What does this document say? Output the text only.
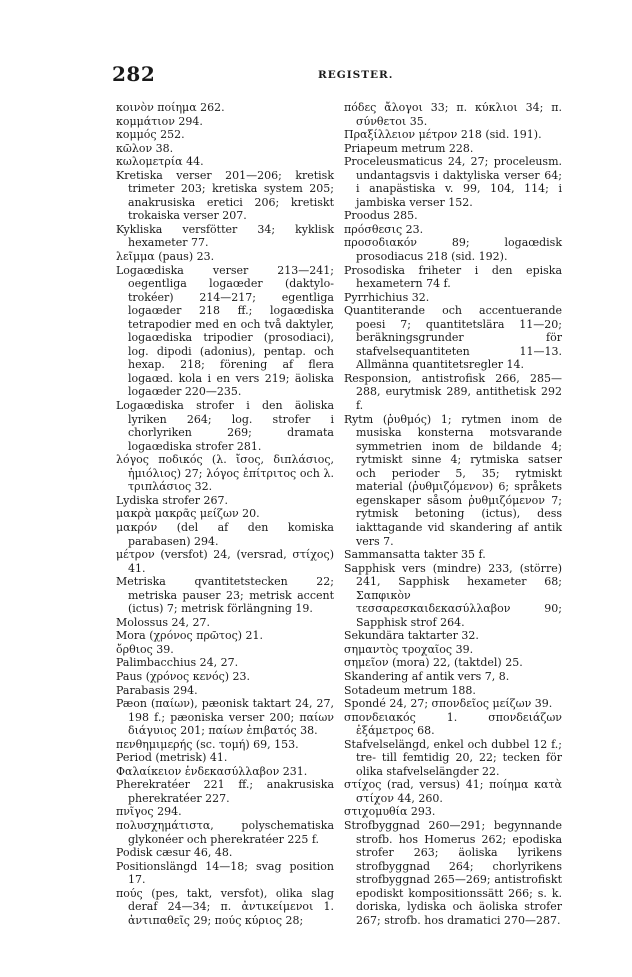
282	REGISTER.

κοινὸν ποίημα 262.

κομμάτιον 294.

κομμός 252.

κῶλον 38.

κωλομετρία 44.

Kretiska verser 201—206; kretisk trimeter 203; kretiska system 205; anakrusiska eretici 206; kretiskt trokaiska verser 207.

Kykliska versfötter 34; kyklisk hexameter 77.

λεῖμμα (paus) 23.

Logaœdiska verser 213—241; oegentliga logaœder (daktylo-trokéer) 214—217; egentliga logaœder 218 ff.; logaœdiska tetrapodier med en och två daktyler, logaœdiska tripodier (prosodiaci), log. dipodi (adonius), pentap. och hexap. 218; förening af flera logaœd. kola i en vers 219; äoliska logaœder 220—235.

Logaœdiska strofer i den äoliska lyriken 264; log. strofer i chorlyriken 269; dramata logaœdiska strofer 281.

λόγος ποδικός (λ. ἴσος, διπλάσιος, ἡμιόλιος) 27; λόγος ἐπίτριτος och λ. τριπλάσιος 32.

Lydiska strofer 267.

μακρὰ μακρᾶς μείζων 20.

μακρόν (del af den komiska parabasen) 294.

μέτρον (versfot) 24, (versrad, στίχος) 41.

Metriska qvantitetstecken 22; metriska pauser 23; metrisk accent (ictus) 7; metrisk förlängning 19.

Molossus 24, 27.

Mora (χρόνος πρῶτος) 21.

ὄρθιος 39.

Palimbacchius 24, 27.

Paus (χρόνος κενός) 23.

Parabasis 294.

Pæon (παίων), pæonisk taktart 24, 27, 198 f.; pæoniska verser 200; παίων διάγυιος 201; παίων ἐπιβατός 38.

πενθημιμερής (sc. τομή) 69, 153.

Period (metrisk) 41.

Φαλαίκειον ἑνδεκασύλλαβον 231.

Pherekratéer 221 ff.; anakrusiska pherekratéer 227.

πνῖγος 294.

πολυσχημάτιστα, polyschematiska glykonéer och pherekratéer 225 f.

Podisk cæsur 46, 48.

Positionslängd 14—18; svag position 17.

πούς (pes, takt, versfot), olika slag deraf 24—34; π. ἀντικείμενοι 1. ἀντιπαθεῖς 29; πούς κύριος 28;

πόδες ἄλογοι 33; π. κύκλιοι 34; π. σύνθετοι 35.

Πραξίλλειον μέτρον 218 (sid. 191).

Priapeum metrum 228.

Proceleusmaticus 24, 27; proceleusm. undantagsvis i daktyliska verser 64; i anapästiska v. 99, 104, 114; i jambiska verser 152.

Proodus 285.

πρόσθεσις 23.

προσοδιακόν 89; logaœdisk prosodiacus 218 (sid. 192).

Prosodiska friheter i den episka hexametern 74 f.

Pyrrhichius 32.

Quantiterande och accentuerande poesi 7; quantitetslära 11—20; beräkningsgrunder för stafvelsequantiteten 11—13. Allmänna quantitetsregler 14.

Responsion, antistrofisk 266, 285—288, eurytmisk 289, antithetisk 292 f.

Rytm (ῥυθμός) 1; rytmen inom de musiska konsterna motsvarande symmetrien inom de bildande 4; rytmiskt sinne 4; rytmiska satser och perioder 5, 35; rytmiskt material (ῥυθμιζόμενον) 6; språkets egenskaper såsom ῥυθμιζόμενον 7; rytmisk betoning (ictus), dess iakttagande vid skandering af antik vers 7.

Sammansatta takter 35 f.

Sapphisk vers (mindre) 233, (större) 241, Sapphisk hexameter 68; Σαπφικὸν τεσσαρεσκαιδεκασύλλαβον 90; Sapphisk strof 264.

Sekundära taktarter 32.

σημαντὸς τροχαῖος 39.

σημεῖον (mora) 22, (taktdel) 25.

Skandering af antik vers 7, 8.

Sotadeum metrum 188.

Spondé 24, 27; σπονδεῖος μείζων 39.

σπονδειακός 1. σπονδειάζων ἑξάμετρος 68.

Stafvelselängd, enkel och dubbel 12 f.; tre- till femtidig 20, 22; tecken för olika stafvelselängder 22.

στίχος (rad, versus) 41; ποίημα κατὰ στίχον 44, 260.

στιχομυθία 293.

Strofbyggnad 260—291; begynnande strofb. hos Homerus 262; epodiska strofer 263; äoliska lyrikens strofbyggnad 264; chorlyrikens strofbyggnad 265—269; antistrofiskt epodiskt kompositionssätt 266; s. k. doriska, lydiska och äoliska strofer 267; strofb. hos dramatici 270—287.
